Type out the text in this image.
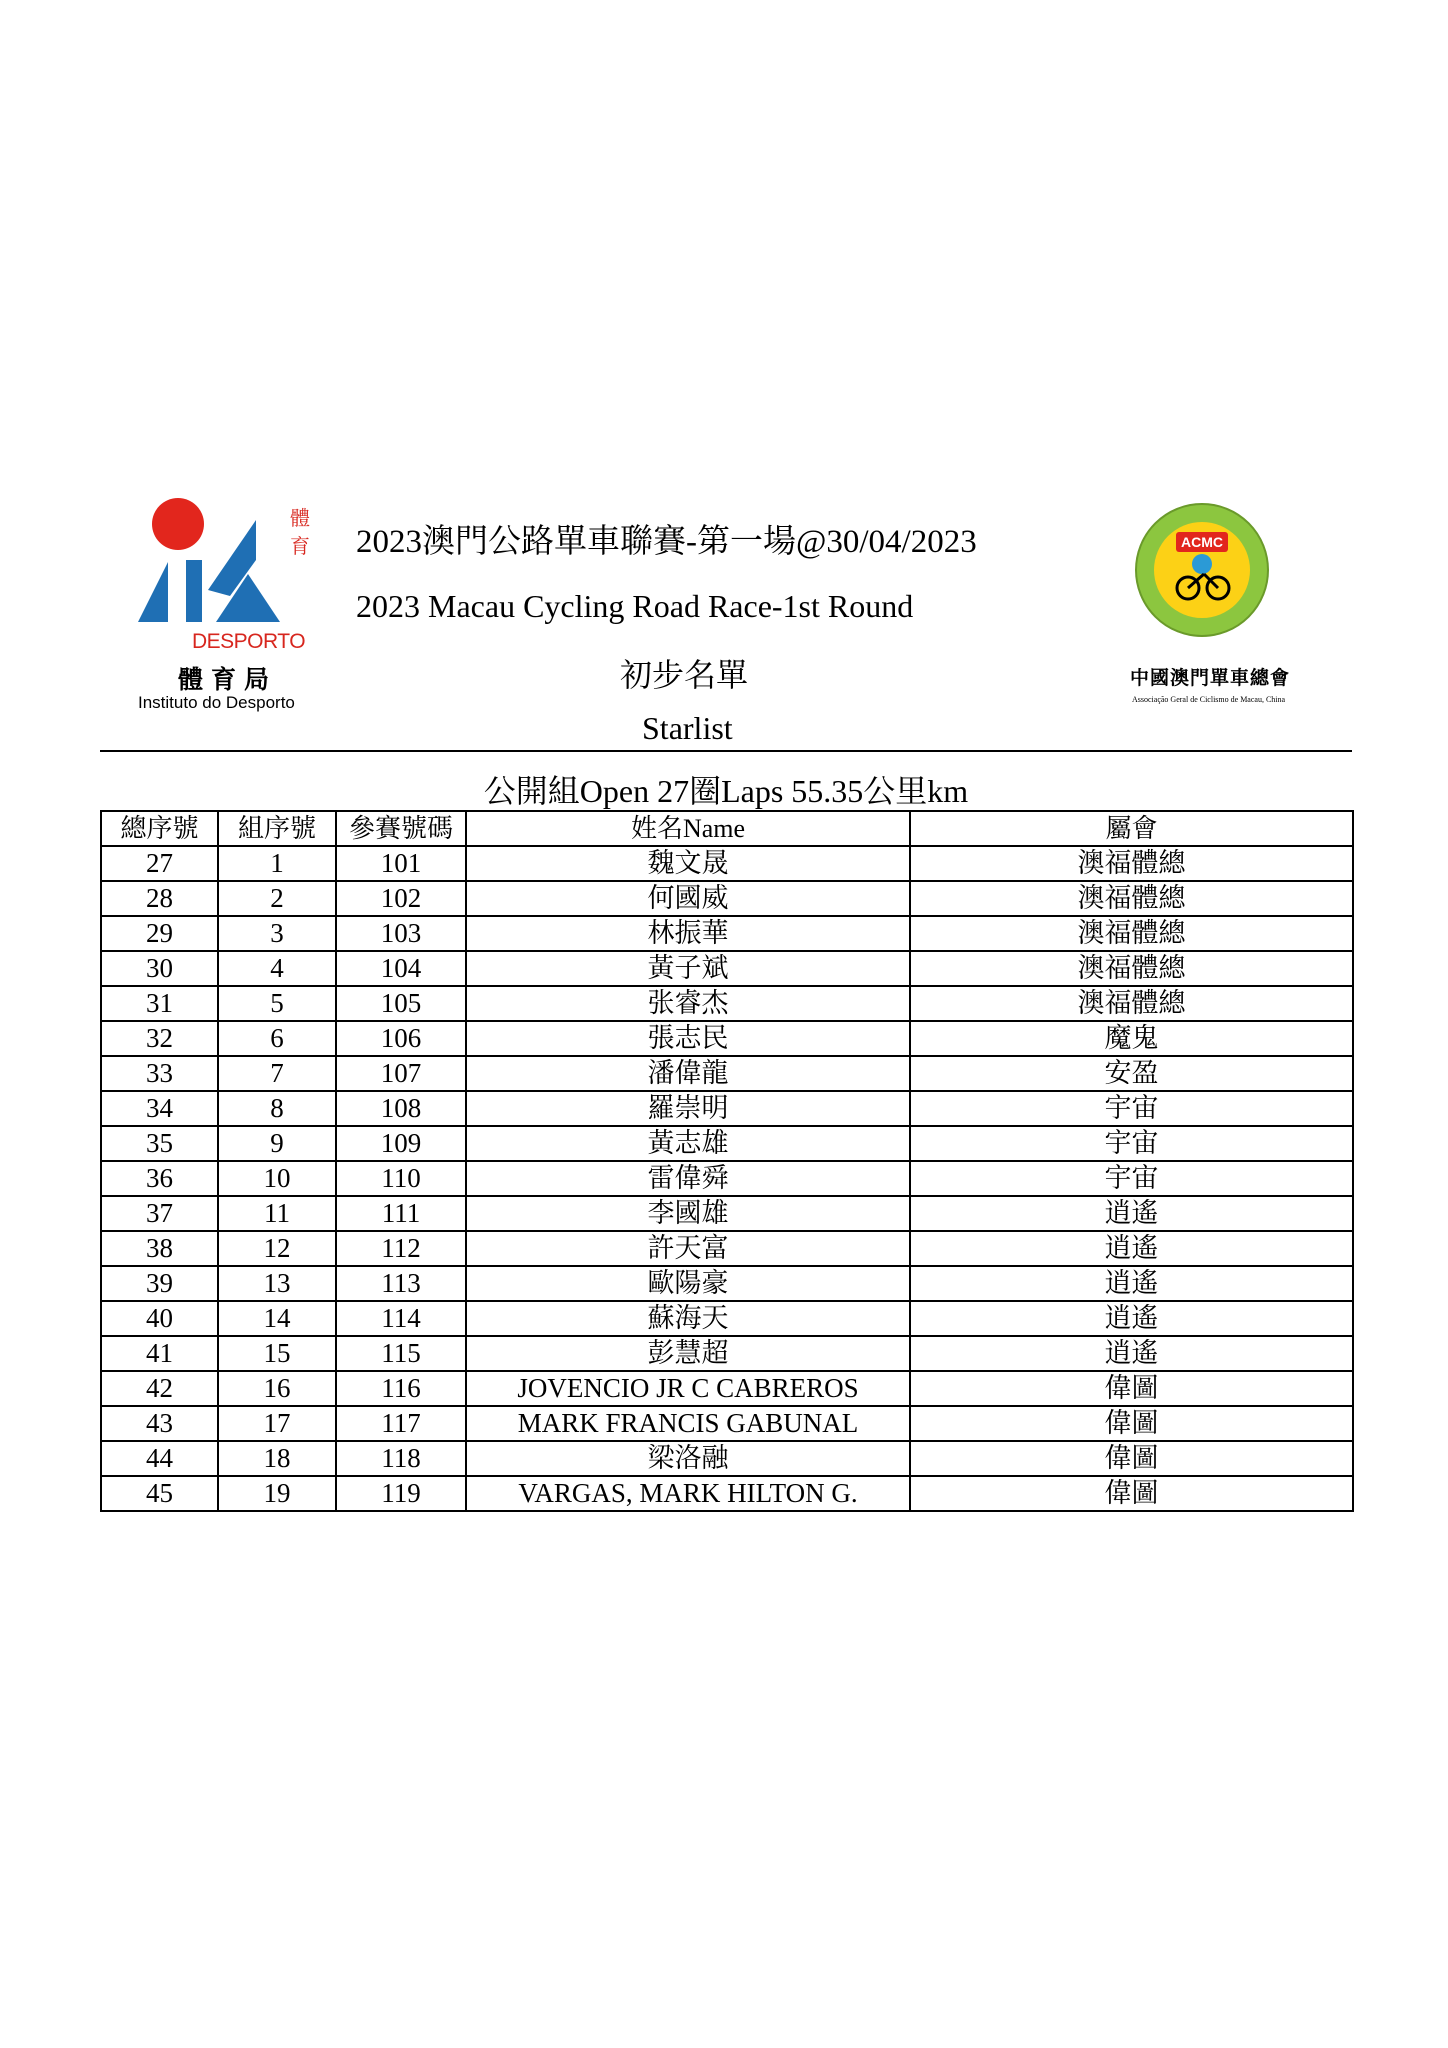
體
育
DESPORTO
體育局
Instituto do Desporto
ACMC
中國澳門單車總會
Associação Geral de Ciclismo de Macau, China
2023澳門公路單車聯賽-第一場@30/04/2023
2023 Macau Cycling Road Race-1st Round
初步名單
Starlist
公開組Open 27圈Laps 55.35公里km
總序號	組序號	參賽號碼	姓名Name	屬會
27	1	101	魏文晟	澳福體總
28	2	102	何國威	澳福體總
29	3	103	林振華	澳福體總
30	4	104	黃子斌	澳福體總
31	5	105	张睿杰	澳福體總
32	6	106	張志民	魔鬼
33	7	107	潘偉龍	安盈
34	8	108	羅崇明	宇宙
35	9	109	黃志雄	宇宙
36	10	110	雷偉舜	宇宙
37	11	111	李國雄	逍遙
38	12	112	許天富	逍遙
39	13	113	歐陽豪	逍遙
40	14	114	蘇海天	逍遙
41	15	115	彭慧超	逍遙
42	16	116	JOVENCIO JR C CABREROS	偉圖
43	17	117	MARK FRANCIS GABUNAL	偉圖
44	18	118	梁洛融	偉圖
45	19	119	VARGAS, MARK HILTON G.	偉圖
